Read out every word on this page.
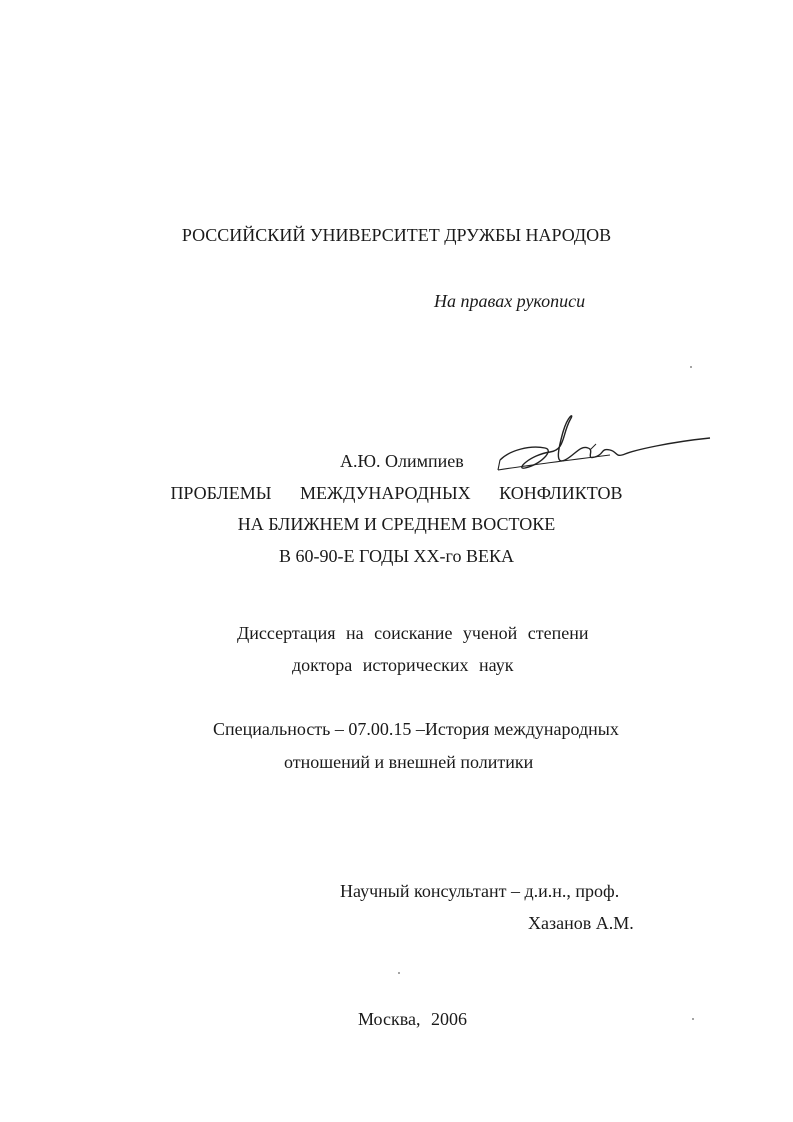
РОССИЙСКИЙ УНИВЕРСИТЕТ ДРУЖБЫ НАРОДОВ
На правах рукописи
А.Ю. Олимпиев
ПРОБЛЕМЫ МЕЖДУНАРОДНЫХ КОНФЛИКТОВ
НА БЛИЖНЕМ И СРЕДНЕМ ВОСТОКЕ
В 60-90-Е ГОДЫ XX-го ВЕКА
Диссертация на соискание ученой степени
доктора исторических наук
Специальность – 07.00.15 –История международных
отношений и внешней политики
Научный консультант – д.и.н., проф.
Хазанов А.М.
Москва, 2006
